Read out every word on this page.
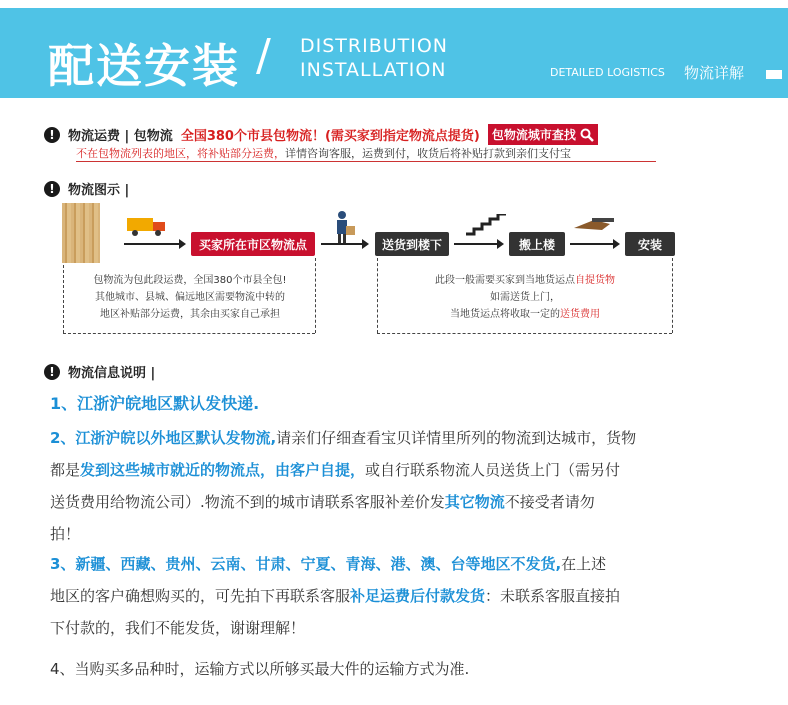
配送安装 / DISTRIBUTION
INSTALLATION	DETAILED LOGISTICS 物流详解
!	物流运费 | 包物流 全国380个市县包物流！(需买家到指定物流点提货) 包物流城市查找
不在包物流列表的地区，将补贴部分运费，详情咨询客服，运费到付，收货后将补贴打款到亲们支付宝
!	物流图示 |
买家所在市区物流点	送货到楼下	搬上楼	安装
包物流为包此段运费，全国380个市县全包!
其他城市、县城、偏远地区需要物流中转的
地区补贴部分运费，其余由买家自己承担
此段一般需要买家到当地货运点自提货物
如需送货上门，
当地货运点将收取一定的送货费用
!	物流信息说明 |
1、江浙沪皖地区默认发快递.
2、江浙沪皖以外地区默认发物流,请亲们仔细查看宝贝详情里所列的物流到达城市，货物
都是发到这些城市就近的物流点，由客户自提，或自行联系物流人员送货上门（需另付
送货费用给物流公司）.物流不到的城市请联系客服补差价发其它物流不接受者请勿
拍！
3、新疆、西藏、贵州、云南、甘肃、宁夏、青海、港、澳、台等地区不发货,在上述
地区的客户确想购买的，可先拍下再联系客服补足运费后付款发货：未联系客服直接拍
下付款的，我们不能发货，谢谢理解！
4、当购买多品种时，运输方式以所够买最大件的运输方式为准.
